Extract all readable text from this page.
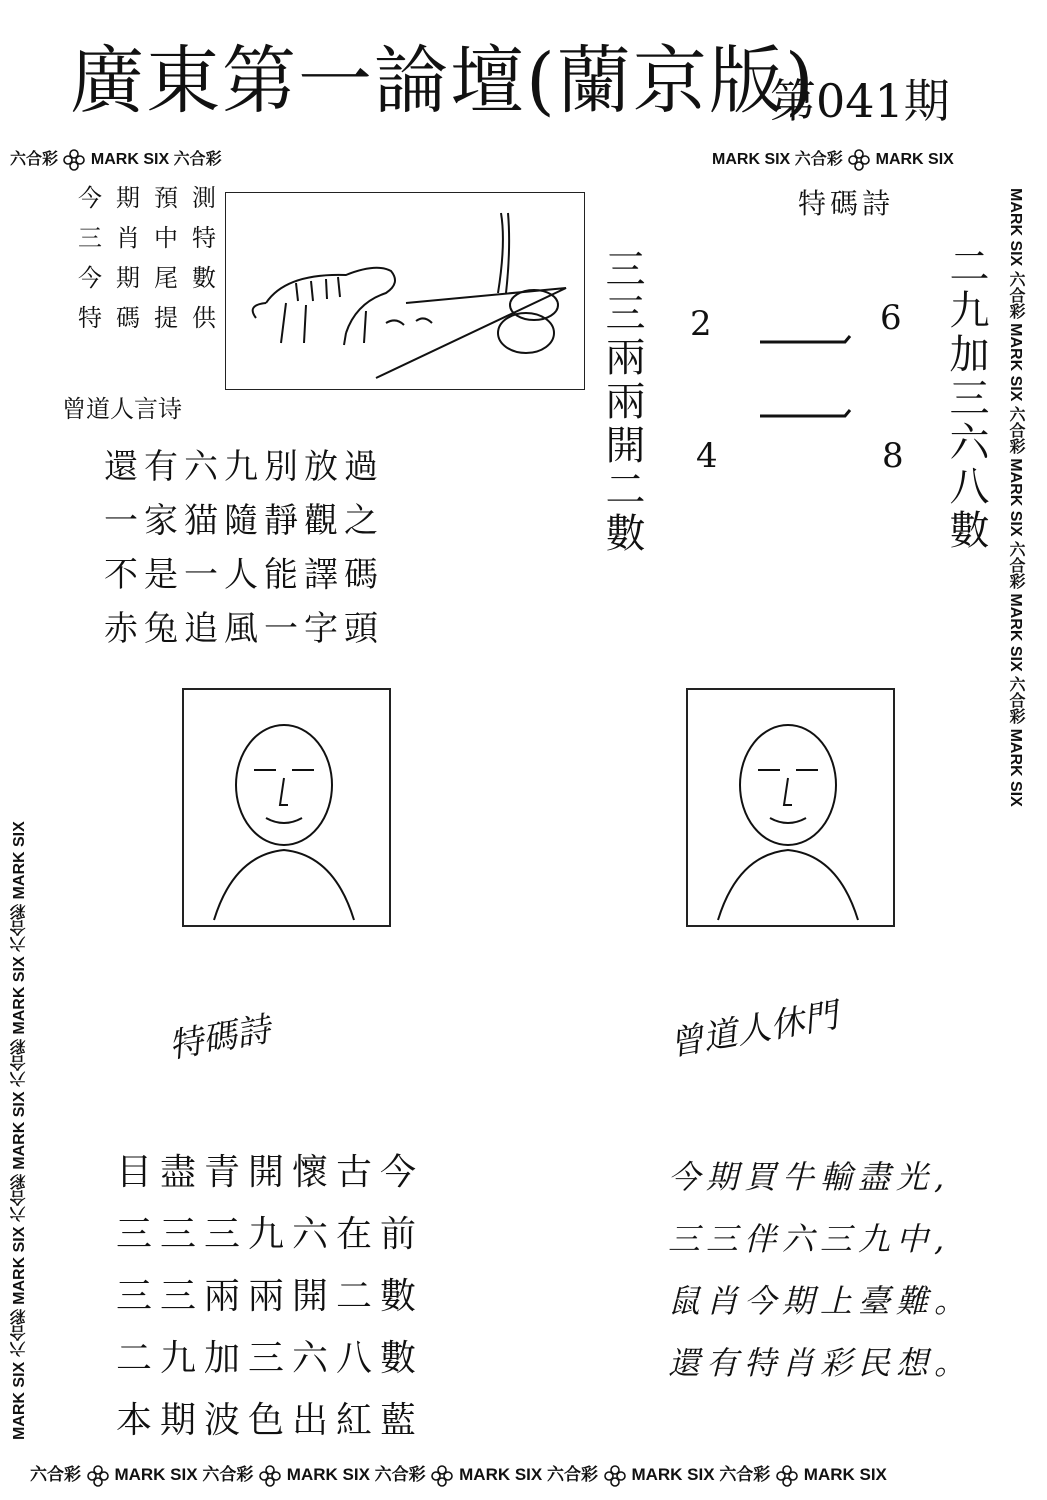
廣東第一論壇(蘭京版)
第041期
六合彩 MARK SIX 六合彩	MARK SIX 六合彩 MARK SIX
MARK SIX 六合彩 MARK SIX 六合彩 MARK SIX 六合彩 MARK SIX 六合彩 MARK SIX
MARK SIX 六合彩 MARK SIX 六合彩 MARK SIX 六合彩 MARK SIX 六合彩 MARK SIX
今期預測
三肖中特
今期尾數
特碼提供
特碼詩
三三兩兩開二數	二九加三六八數
2	6
4	8
曾道人言诗
還有六九別放過
一家猫隨靜觀之
不是一人能譯碼
赤兔追風一字頭
特碼詩	曾道人休門
目盡青開懷古今
三三三九六在前
三三兩兩開二數
二九加三六八數
本期波色出紅藍
今期買牛輸盡光,
三三伴六三九中,
鼠肖今期上臺難。
還有特肖彩民想。
六合彩 MARK SIX 六合彩 MARK SIX 六合彩 MARK SIX 六合彩 MARK SIX 六合彩 MARK SIX
